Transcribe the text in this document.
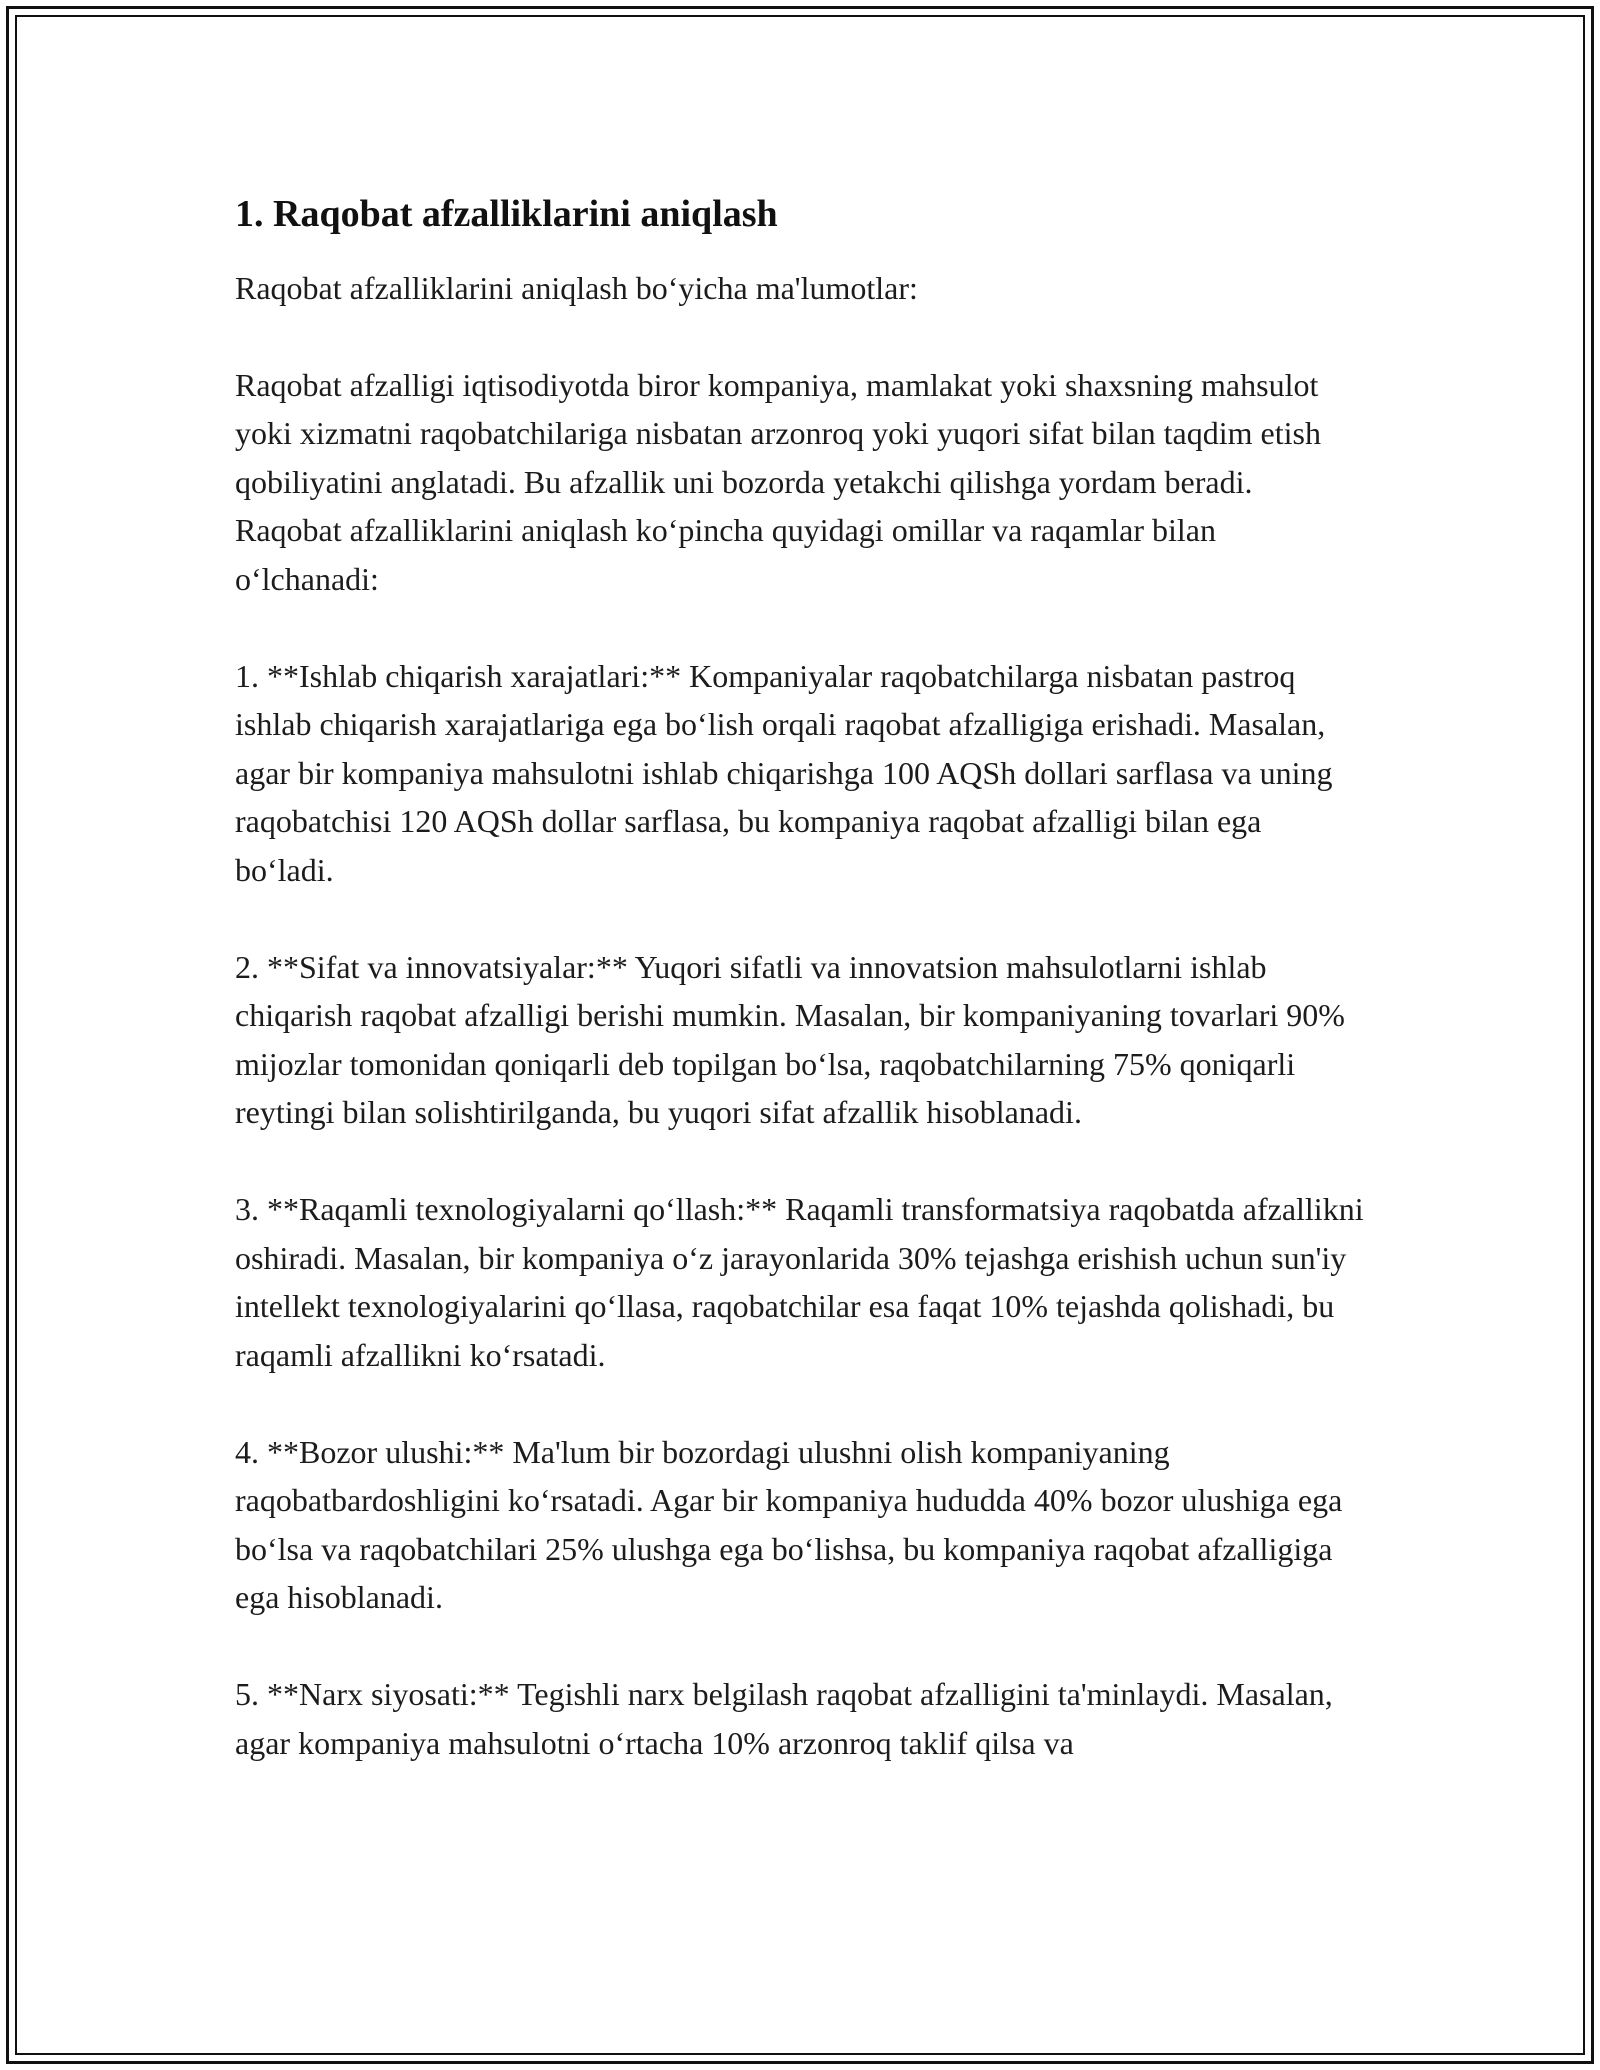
1. Raqobat afzalliklarini aniqlash

Raqobat afzalliklarini aniqlash bo‘yicha ma'lumotlar:

Raqobat afzalligi iqtisodiyotda biror kompaniya, mamlakat yoki shaxsning mahsulot yoki xizmatni raqobatchilariga nisbatan arzonroq yoki yuqori sifat bilan taqdim etish qobiliyatini anglatadi. Bu afzallik uni bozorda yetakchi qilishga yordam beradi. Raqobat afzalliklarini aniqlash ko‘pincha quyidagi omillar va raqamlar bilan o‘lchanadi:

1. **Ishlab chiqarish xarajatlari:** Kompaniyalar raqobatchilarga nisbatan pastroq ishlab chiqarish xarajatlariga ega bo‘lish orqali raqobat afzalligiga erishadi. Masalan, agar bir kompaniya mahsulotni ishlab chiqarishga 100 AQSh dollari sarflasa va uning raqobatchisi 120 AQSh dollar sarflasa, bu kompaniya raqobat afzalligi bilan ega bo‘ladi.

2. **Sifat va innovatsiyalar:** Yuqori sifatli va innovatsion mahsulotlarni ishlab chiqarish raqobat afzalligi berishi mumkin. Masalan, bir kompaniyaning tovarlari 90% mijozlar tomonidan qoniqarli deb topilgan bo‘lsa, raqobatchilarning 75% qoniqarli reytingi bilan solishtirilganda, bu yuqori sifat afzallik hisoblanadi.

3. **Raqamli texnologiyalarni qo‘llash:** Raqamli transformatsiya raqobatda afzallikni oshiradi. Masalan, bir kompaniya o‘z jarayonlarida 30% tejashga erishish uchun sun'iy intellekt texnologiyalarini qo‘llasa, raqobatchilar esa faqat 10% tejashda qolishadi, bu raqamli afzallikni ko‘rsatadi.

4. **Bozor ulushi:** Ma'lum bir bozordagi ulushni olish kompaniyaning raqobatbardoshligini ko‘rsatadi. Agar bir kompaniya hududda 40% bozor ulushiga ega bo‘lsa va raqobatchilari 25% ulushga ega bo‘lishsa, bu kompaniya raqobat afzalligiga ega hisoblanadi.

5. **Narx siyosati:** Tegishli narx belgilash raqobat afzalligini ta'minlaydi. Masalan, agar kompaniya mahsulotni o‘rtacha 10% arzonroq taklif qilsa va
